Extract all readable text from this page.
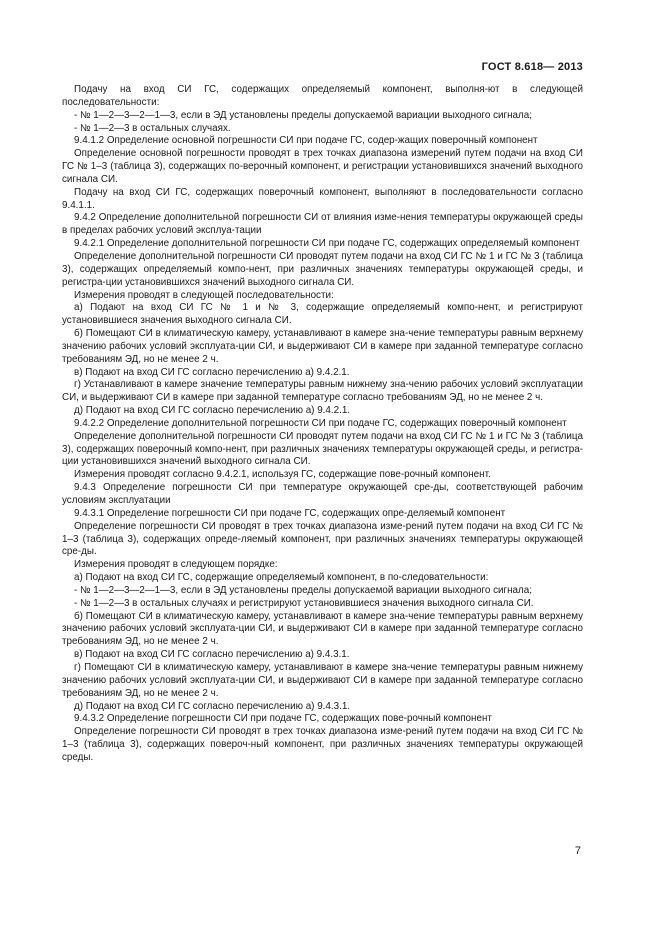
ГОСТ 8.618— 2013

Подачу на вход СИ ГС, содержащих определяемый компонент, выполня-ют в следующей последовательности:

- № 1—2—3—2—1—3, если в ЭД установлены пределы допускаемой вариации выходного сигнала;

- № 1—2—3 в остальных случаях.

9.4.1.2 Определение основной погрешности СИ при подаче ГС, содер-жащих поверочный компонент

Определение основной погрешности проводят в трех точках диапазона измерений путем подачи на вход СИ ГС № 1–3 (таблица 3), содержащих по-верочный компонент, и регистрации установившихся значений выходного сигнала СИ.

Подачу на вход СИ ГС, содержащих поверочный компонент, выполняют в последовательности согласно 9.4.1.1.

9.4.2 Определение дополнительной погрешности СИ от влияния изме-нения температуры окружающей среды в пределах рабочих условий эксплуа-тации

9.4.2.1 Определение дополнительной погрешности СИ при подаче ГС, содержащих определяемый компонент

Определение дополнительной погрешности СИ проводят путем подачи на вход СИ ГС № 1 и ГС № 3 (таблица 3), содержащих определяемый компо-нент, при различных значениях температуры окружающей среды, и регистра-ции установившихся значений выходного сигнала СИ.

Измерения проводят в следующей последовательности:

а) Подают на вход СИ ГС № 1 и № 3, содержащие определяемый компо-нент, и регистрируют установившиеся значения выходного сигнала СИ.

б) Помещают СИ в климатическую камеру, устанавливают в камере зна-чение температуры равным верхнему значению рабочих условий эксплуата-ции СИ, и выдерживают СИ в камере при заданной температуре согласно требованиям ЭД, но не менее 2 ч.

в) Подают на вход СИ ГС согласно перечислению а) 9.4.2.1.

г) Устанавливают в камере значение температуры равным нижнему зна-чению рабочих условий эксплуатации СИ, и выдерживают СИ в камере при заданной температуре согласно требованиям ЭД, но не менее 2 ч.

д) Подают на вход СИ ГС согласно перечислению а) 9.4.2.1.

9.4.2.2 Определение дополнительной погрешности СИ при подаче ГС, содержащих поверочный компонент

Определение дополнительной погрешности СИ проводят путем подачи на вход СИ ГС № 1 и ГС № 3 (таблица 3), содержащих поверочный компо-нент, при различных значениях температуры окружающей среды, и регистра-ции установившихся значений выходного сигнала СИ.

Измерения проводят согласно 9.4.2.1, используя ГС, содержащие пове-рочный компонент.

9.4.3 Определение погрешности СИ при температуре окружающей сре-ды, соответствующей рабочим условиям эксплуатации

9.4.3.1 Определение погрешности СИ при подаче ГС, содержащих опре-деляемый компонент

Определение погрешности СИ проводят в трех точках диапазона изме-рений путем подачи на вход СИ ГС № 1–3 (таблица 3), содержащих опреде-ляемый компонент, при различных значениях температуры окружающей сре-ды.

Измерения проводят в следующем порядке:

а) Подают на вход СИ ГС, содержащие определяемый компонент, в по-следовательности:

- № 1—2—3—2—1—3, если в ЭД установлены пределы допускаемой вариации выходного сигнала;

- № 1—2—3 в остальных случаях и регистрируют установившиеся значения выходного сигнала СИ.

б) Помещают СИ в климатическую камеру, устанавливают в камере зна-чение температуры равным верхнему значению рабочих условий эксплуата-ции СИ, и выдерживают СИ в камере при заданной температуре согласно требованиям ЭД, но не менее 2 ч.

в) Подают на вход СИ ГС согласно перечислению а) 9.4.3.1.

г) Помещают СИ в климатическую камеру, устанавливают в камере зна-чение температуры равным нижнему значению рабочих условий эксплуата-ции СИ, и выдерживают СИ в камере при заданной температуре согласно требованиям ЭД, но не менее 2 ч.

д) Подают на вход СИ ГС согласно перечислению а) 9.4.3.1.

9.4.3.2 Определение погрешности СИ при подаче ГС, содержащих пове-рочный компонент

Определение погрешности СИ проводят в трех точках диапазона изме-рений путем подачи на вход СИ ГС № 1–3 (таблица 3), содержащих повероч-ный компонент, при различных значениях температуры окружающей среды.

7
